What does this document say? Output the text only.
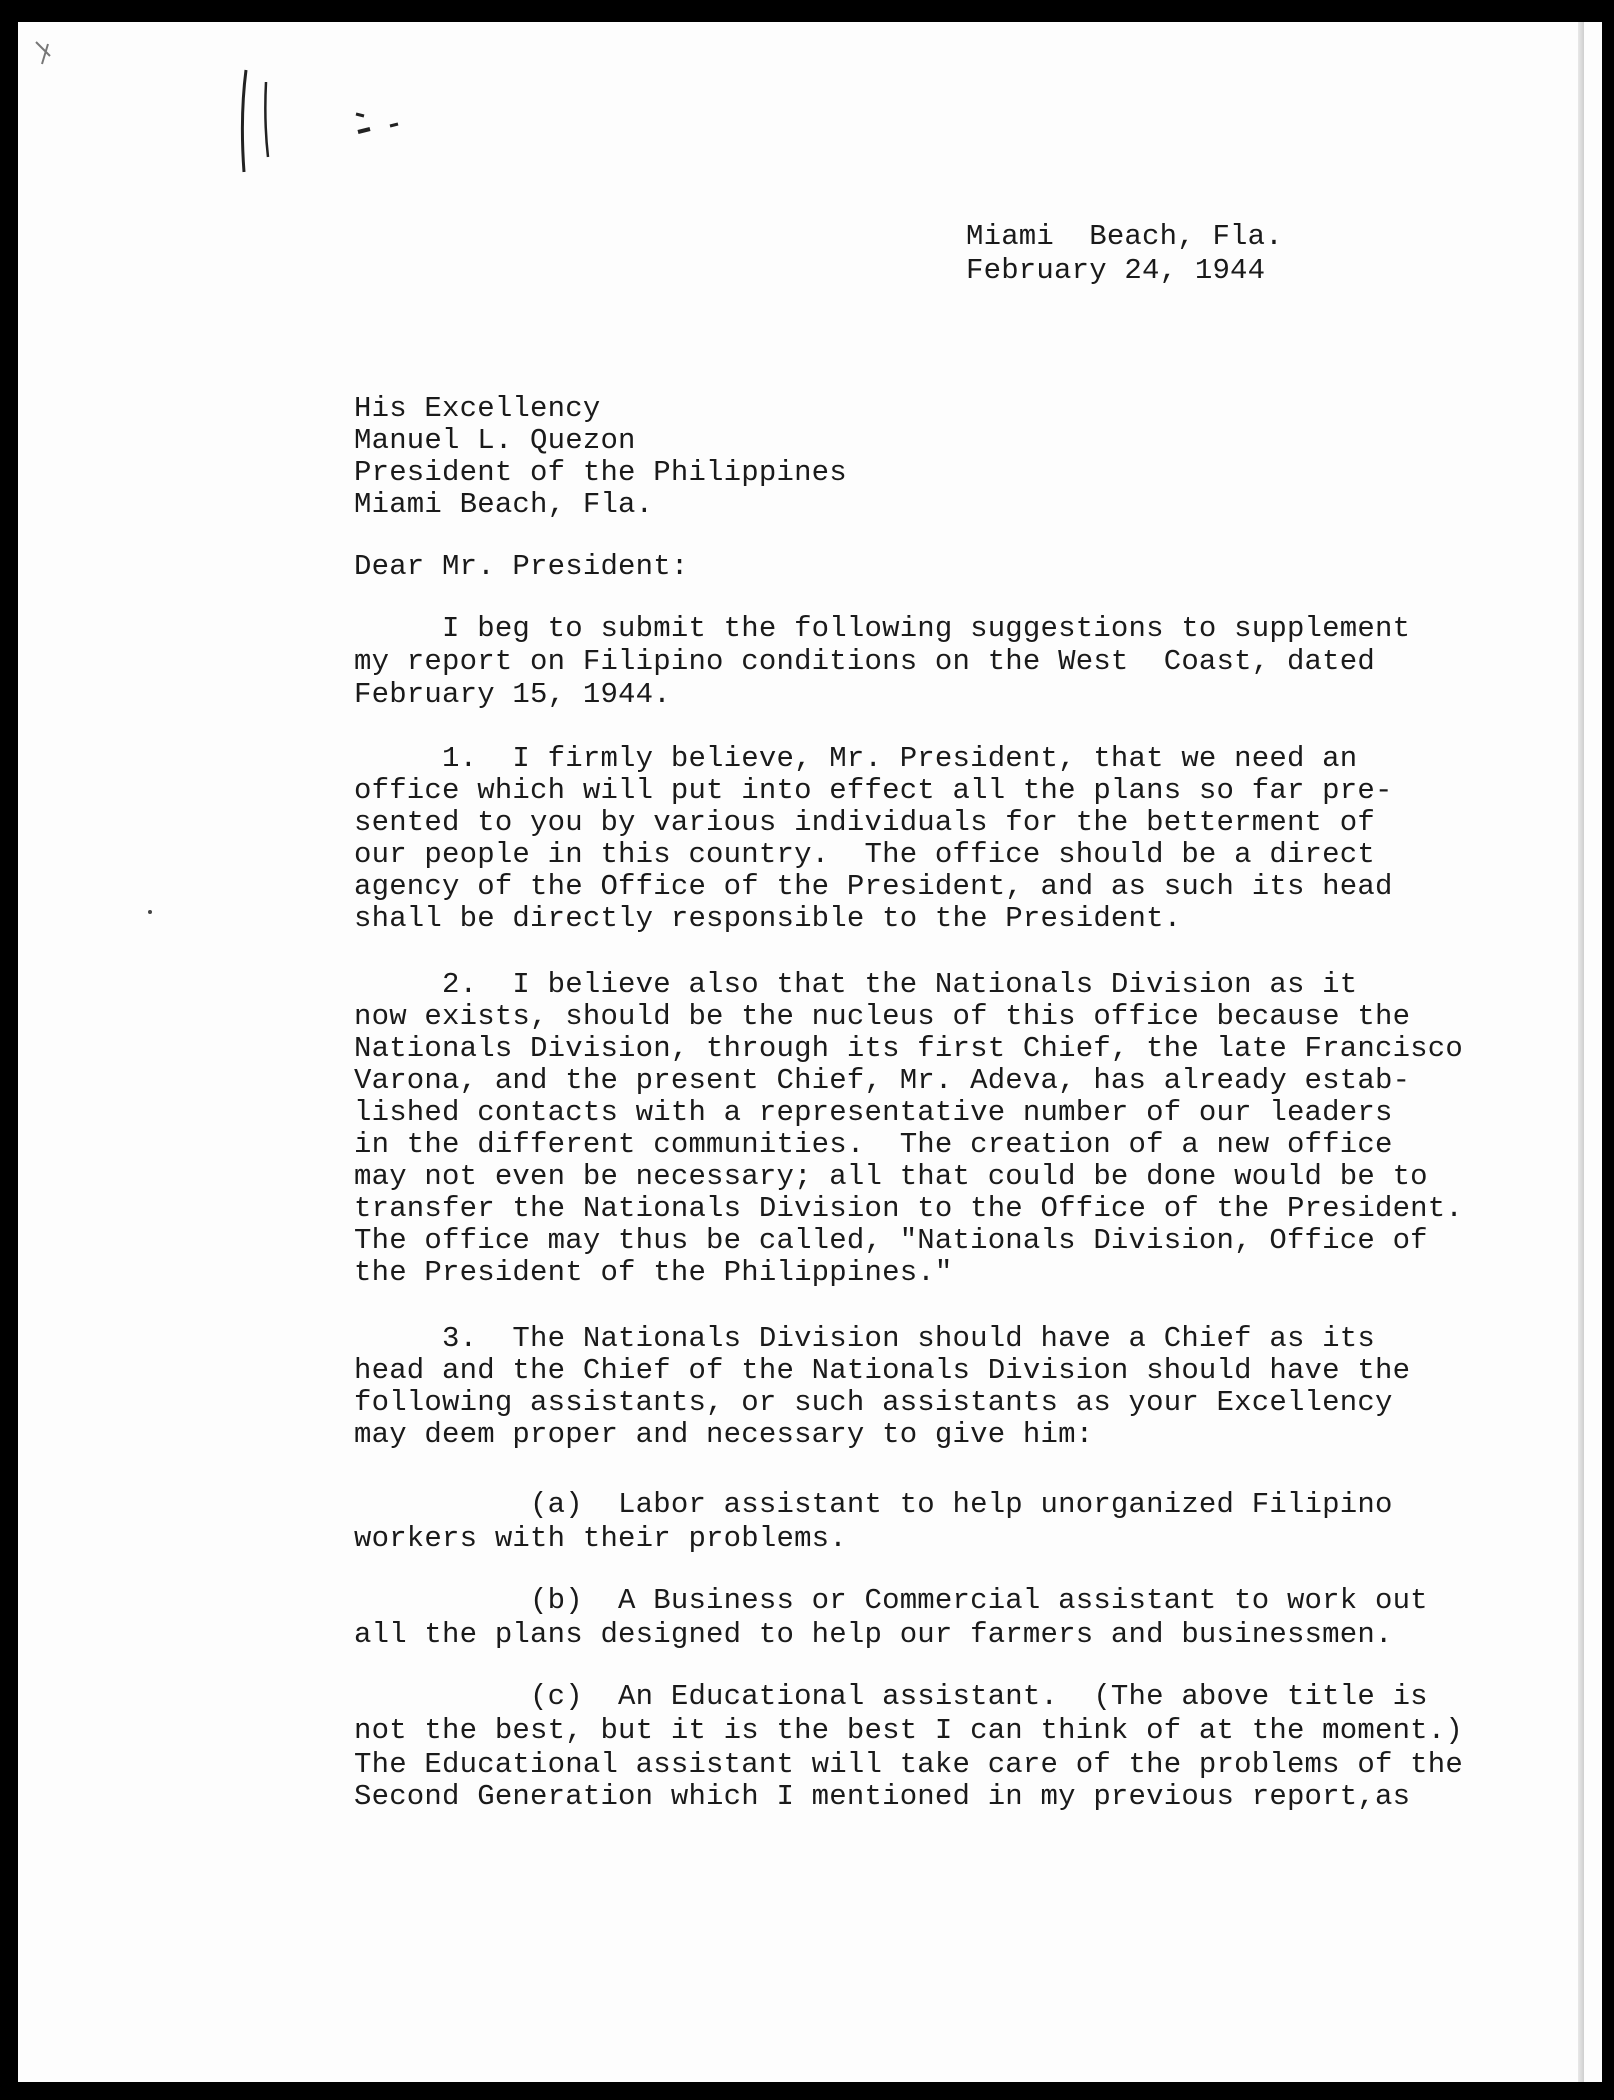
Miami  Beach, Fla.
February 24, 1944
His Excellency
Manuel L. Quezon
President of the Philippines
Miami Beach, Fla.
Dear Mr. President:
I beg to submit the following suggestions to supplement
my report on Filipino conditions on the West  Coast, dated
February 15, 1944.
1.  I firmly believe, Mr. President, that we need an
office which will put into effect all the plans so far pre-
sented to you by various individuals for the betterment of
our people in this country.  The office should be a direct
agency of the Office of the President, and as such its head
shall be directly responsible to the President.
2.  I believe also that the Nationals Division as it
now exists, should be the nucleus of this office because the
Nationals Division, through its first Chief, the late Francisco
Varona, and the present Chief, Mr. Adeva, has already estab-
lished contacts with a representative number of our leaders
in the different communities.  The creation of a new office
may not even be necessary; all that could be done would be to
transfer the Nationals Division to the Office of the President.
The office may thus be called, "Nationals Division, Office of
the President of the Philippines."
3.  The Nationals Division should have a Chief as its
head and the Chief of the Nationals Division should have the
following assistants, or such assistants as your Excellency
may deem proper and necessary to give him:
(a)  Labor assistant to help unorganized Filipino
workers with their problems.
(b)  A Business or Commercial assistant to work out
all the plans designed to help our farmers and businessmen.
(c)  An Educational assistant.  (The above title is
not the best, but it is the best I can think of at the moment.)
The Educational assistant will take care of the problems of the
Second Generation which I mentioned in my previous report,as
